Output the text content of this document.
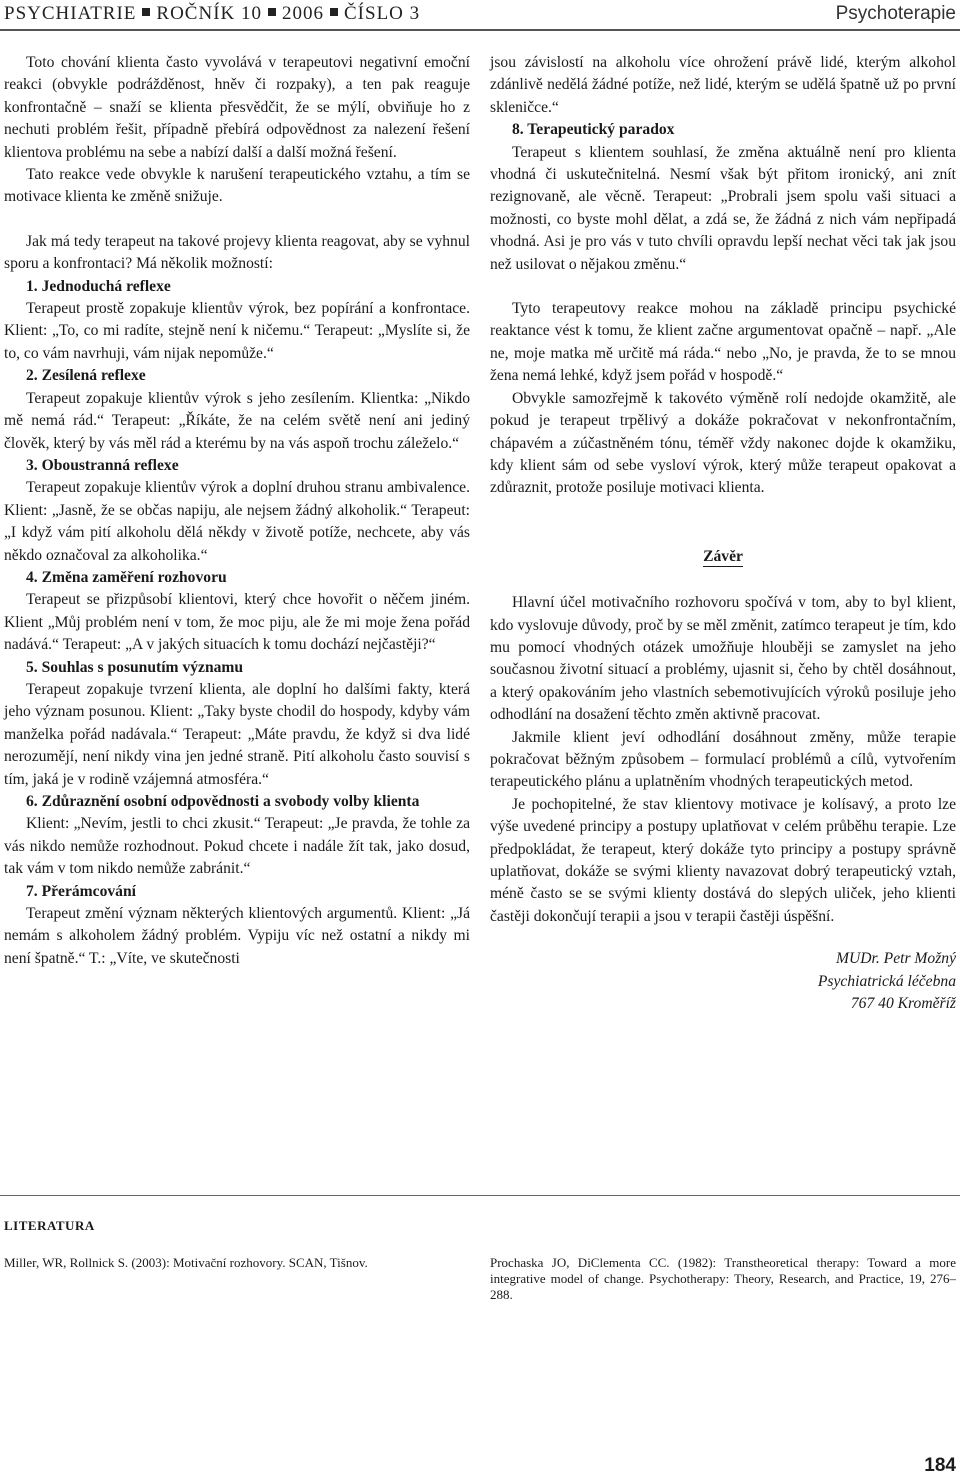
PSYCHIATRIE ROČNÍK 10 2006 ČÍSLO 3	Psychoterapie

Toto chování klienta často vyvolává v terapeutovi negativní emoční reakci (obvykle podrážděnost, hněv či rozpaky), a ten pak reaguje konfrontačně – snaží se klienta přesvědčit, že se mýlí, obviňuje ho z nechuti problém řešit, případně přebírá odpovědnost za nalezení řešení klientova problému na sebe a nabízí další a další možná řešení.

Tato reakce vede obvykle k narušení terapeutického vztahu, a tím se motivace klienta ke změně snižuje.

Jak má tedy terapeut na takové projevy klienta reagovat, aby se vyhnul sporu a konfrontaci? Má několik možností:

1. Jednoduchá reflexe

Terapeut prostě zopakuje klientův výrok, bez popírání a konfrontace. Klient: „To, co mi radíte, stejně není k ničemu.“ Terapeut: „Myslíte si, že to, co vám navrhuji, vám nijak nepomůže.“

2. Zesílená reflexe

Terapeut zopakuje klientův výrok s jeho zesílením. Klientka: „Nikdo mě nemá rád.“ Terapeut: „Říkáte, že na celém světě není ani jediný člověk, který by vás měl rád a kterému by na vás aspoň trochu záleželo.“

3. Oboustranná reflexe

Terapeut zopakuje klientův výrok a doplní druhou stranu ambivalence. Klient: „Jasně, že se občas napiju, ale nejsem žádný alkoholik.“ Terapeut: „I když vám pití alkoholu dělá někdy v životě potíže, nechcete, aby vás někdo označoval za alkoholika.“

4. Změna zaměření rozhovoru

Terapeut se přizpůsobí klientovi, který chce hovořit o něčem jiném. Klient „Můj problém není v tom, že moc piju, ale že mi moje žena pořád nadává.“ Terapeut: „A v jakých situacích k tomu dochází nejčastěji?“

5. Souhlas s posunutím významu

Terapeut zopakuje tvrzení klienta, ale doplní ho dalšími fakty, která jeho význam posunou. Klient: „Taky byste chodil do hospody, kdyby vám manželka pořád nadávala.“ Terapeut: „Máte pravdu, že když si dva lidé nerozumějí, není nikdy vina jen jedné straně. Pití alkoholu často souvisí s tím, jaká je v rodině vzájemná atmosféra.“

6. Zdůraznění osobní odpovědnosti a svobody volby klienta

Klient: „Nevím, jestli to chci zkusit.“ Terapeut: „Je pravda, že tohle za vás nikdo nemůže rozhodnout. Pokud chcete i nadále žít tak, jako dosud, tak vám v tom nikdo nemůže zabránit.“

7. Přerámcování

Terapeut změní význam některých klientových argumentů. Klient: „Já nemám s alkoholem žádný problém. Vypiju víc než ostatní a nikdy mi není špatně.“ T.: „Víte, ve skutečnosti

jsou závislostí na alkoholu více ohrožení právě lidé, kterým alkohol zdánlivě nedělá žádné potíže, než lidé, kterým se udělá špatně už po první skleničce.“

8. Terapeutický paradox

Terapeut s klientem souhlasí, že změna aktuálně není pro klienta vhodná či uskutečnitelná. Nesmí však být přitom ironický, ani znít rezignovaně, ale věcně. Terapeut: „Probrali jsem spolu vaši situaci a možnosti, co byste mohl dělat, a zdá se, že žádná z nich vám nepřipadá vhodná. Asi je pro vás v tuto chvíli opravdu lepší nechat věci tak jak jsou než usilovat o nějakou změnu.“

Tyto terapeutovy reakce mohou na základě principu psychické reaktance vést k tomu, že klient začne argumentovat opačně – např. „Ale ne, moje matka mě určitě má ráda.“ nebo „No, je pravda, že to se mnou žena nemá lehké, když jsem pořád v hospodě.“

Obvykle samozřejmě k takovéto výměně rolí nedojde okamžitě, ale pokud je terapeut trpělivý a dokáže pokračovat v nekonfrontačním, chápavém a zúčastněném tónu, téměř vždy nakonec dojde k okamžiku, kdy klient sám od sebe vysloví výrok, který může terapeut opakovat a zdůraznit, protože posiluje motivaci klienta.

Závěr

Hlavní účel motivačního rozhovoru spočívá v tom, aby to byl klient, kdo vyslovuje důvody, proč by se měl změnit, zatímco terapeut je tím, kdo mu pomocí vhodných otázek umožňuje hlouběji se zamyslet na jeho současnou životní situací a problémy, ujasnit si, čeho by chtěl dosáhnout, a který opakováním jeho vlastních sebemotivujících výroků posiluje jeho odhodlání na dosažení těchto změn aktivně pracovat.

Jakmile klient jeví odhodlání dosáhnout změny, může terapie pokračovat běžným způsobem – formulací problémů a cílů, vytvořením terapeutického plánu a uplatněním vhodných terapeutických metod.

Je pochopitelné, že stav klientovy motivace je kolísavý, a proto lze výše uvedené principy a postupy uplatňovat v celém průběhu terapie. Lze předpokládat, že terapeut, který dokáže tyto principy a postupy správně uplatňovat, dokáže se svými klienty navazovat dobrý terapeutický vztah, méně často se se svými klienty dostává do slepých uliček, jeho klienti častěji dokončují terapii a jsou v terapii častěji úspěšní.

MUDr. Petr Možný
Psychiatrická léčebna
767 40 Kroměříž
LITERATURA
Miller, WR, Rollnick S. (2003): Motivační rozhovory. SCAN, Tišnov.	Prochaska JO, DiClementa CC. (1982): Transtheoretical therapy: Toward a more integrative model of change. Psychotherapy: Theory, Research, and Practice, 19, 276–288.
184
